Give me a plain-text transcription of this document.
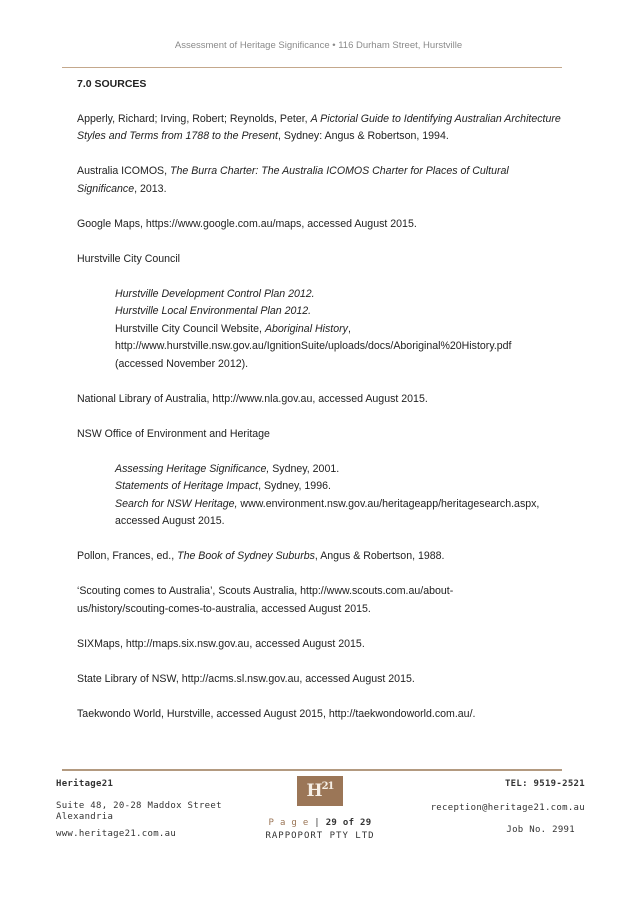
Assessment of Heritage Significance • 116 Durham Street, Hurstville

7.0 SOURCES

Apperly, Richard; Irving, Robert; Reynolds, Peter, A Pictorial Guide to Identifying Australian Architecture Styles and Terms from 1788 to the Present, Sydney: Angus & Robertson, 1994.

Australia ICOMOS, The Burra Charter: The Australia ICOMOS Charter for Places of Cultural Significance, 2013.

Google Maps, https://www.google.com.au/maps, accessed August 2015.

Hurstville City Council

Hurstville Development Control Plan 2012.
Hurstville Local Environmental Plan 2012.
Hurstville City Council Website, Aboriginal History,
http://www.hurstville.nsw.gov.au/IgnitionSuite/uploads/docs/Aboriginal%20History.pdf
(accessed November 2012).

National Library of Australia, http://www.nla.gov.au, accessed August 2015.

NSW Office of Environment and Heritage

Assessing Heritage Significance, Sydney, 2001.
Statements of Heritage Impact, Sydney, 1996.
Search for NSW Heritage, www.environment.nsw.gov.au/heritageapp/heritagesearch.aspx,
accessed August 2015.

Pollon, Frances, ed., The Book of Sydney Suburbs, Angus & Robertson, 1988.

‘Scouting comes to Australia’, Scouts Australia, http://www.scouts.com.au/about-
us/history/scouting-comes-to-australia, accessed August 2015.

SIXMaps, http://maps.six.nsw.gov.au, accessed August 2015.

State Library of NSW, http://acms.sl.nsw.gov.au, accessed August 2015.

Taekwondo World, Hurstville, accessed August 2015, http://taekwondoworld.com.au/.

Heritage21
Suite 48, 20-28 Maddox Street
Alexandria
www.heritage21.com.au
$H_{21}$
P a g e | 29 of 29
RAPPOPORT PTY LTD
TEL: 9519-2521
reception@heritage21.com.au
Job No. 2991
